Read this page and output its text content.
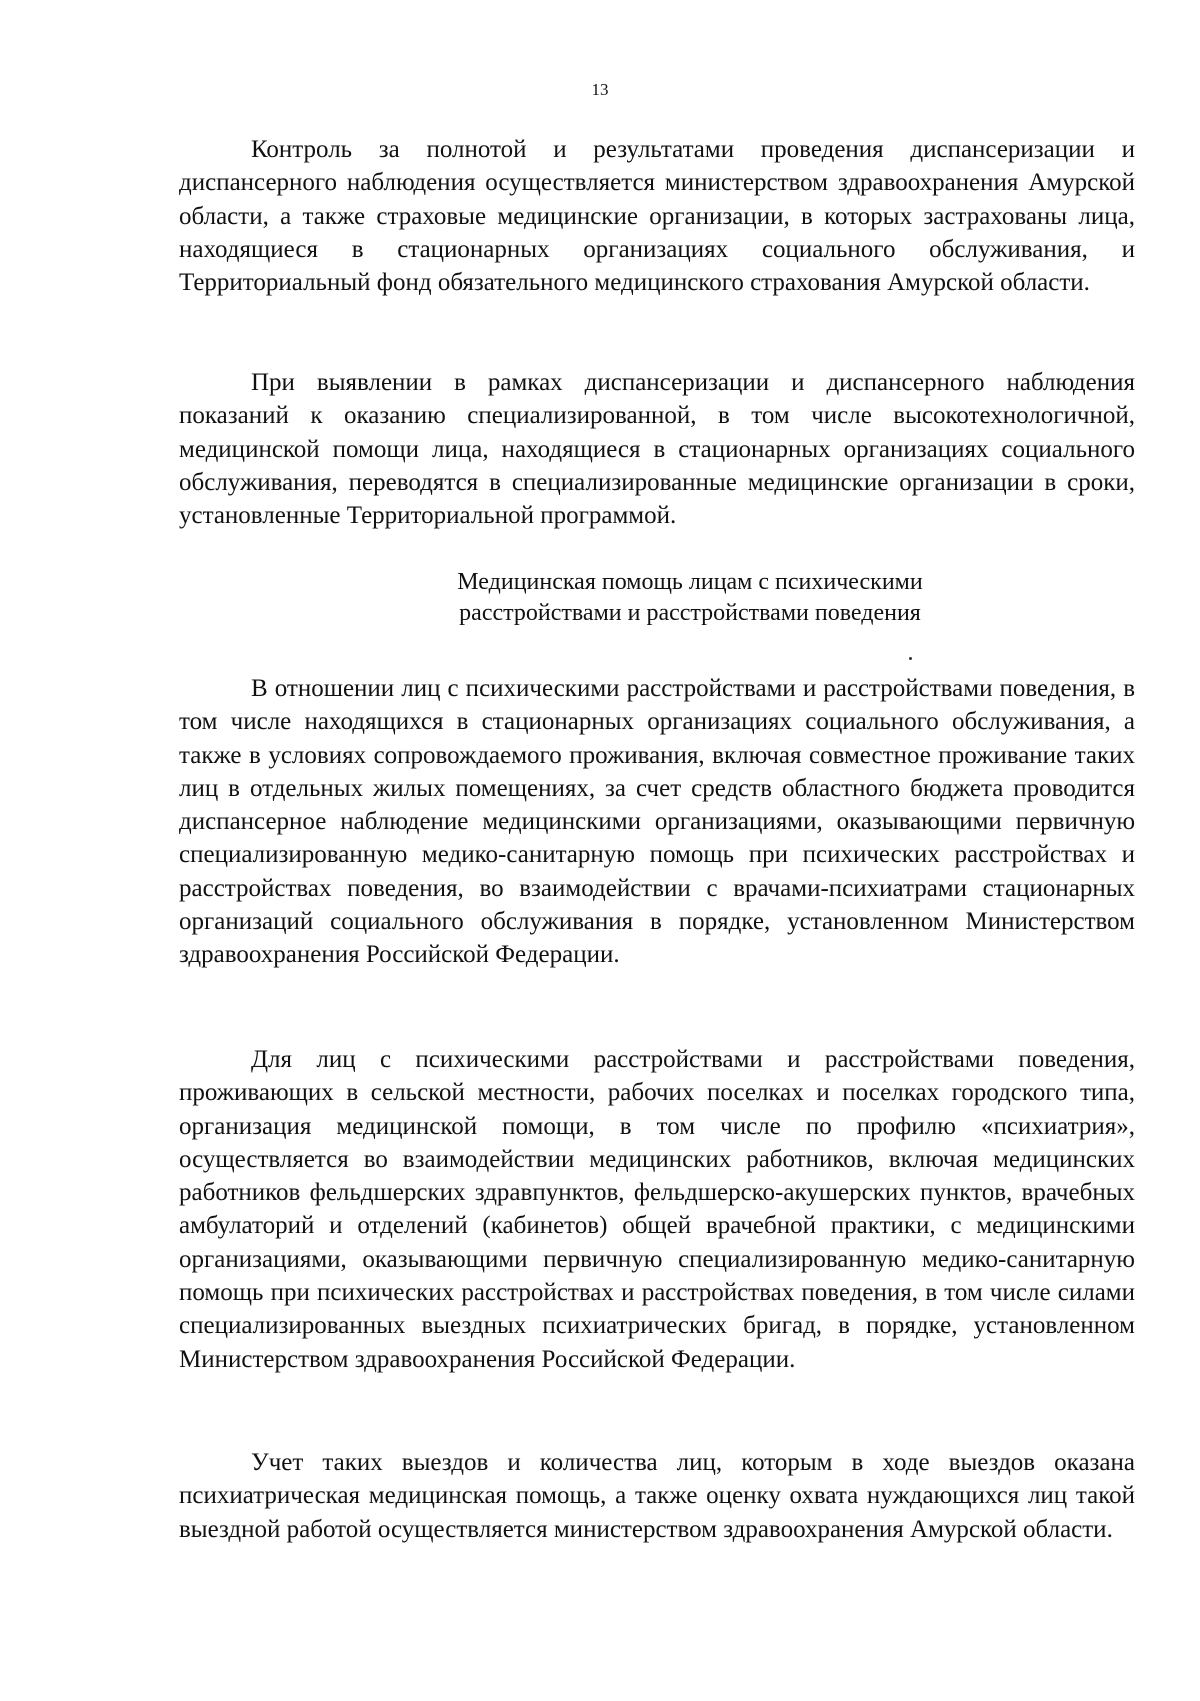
13

Контроль за полнотой и результатами проведения диспансеризации и диспансерного наблюдения осуществляется министерством здравоохранения Амурской области, а также страховые медицинские организации, в которых застрахованы лица, находящиеся в стационарных организациях социального обслуживания, и Территориальный фонд обязательного медицинского страхования Амурской области.

При выявлении в рамках диспансеризации и диспансерного наблюдения показаний к оказанию специализированной, в том числе высокотехнологичной, медицинской помощи лица, находящиеся в стационарных организациях социального обслуживания, переводятся в специализированные медицинские организации в сроки, установленные Территориальной программой.

Медицинская помощь лицам с психическими
расстройствами и расстройствами поведения

В отношении лиц с психическими расстройствами и расстройствами поведения, в том числе находящихся в стационарных организациях социального обслуживания, а также в условиях сопровождаемого проживания, включая совместное проживание таких лиц в отдельных жилых помещениях, за счет средств областного бюджета проводится диспансерное наблюдение медицинскими организациями, оказывающими первичную специализированную медико-санитарную помощь при психических расстройствах и расстройствах поведения, во взаимодействии с врачами-психиатрами стационарных организаций социального обслуживания в порядке, установленном Министерством здравоохранения Российской Федерации.

Для лиц с психическими расстройствами и расстройствами поведения, проживающих в сельской местности, рабочих поселках и поселках городского типа, организация медицинской помощи, в том числе по профилю «психиатрия», осуществляется во взаимодействии медицинских работников, включая медицинских работников фельдшерских здравпунктов, фельдшерско-акушерских пунктов, врачебных амбулаторий и отделений (кабинетов) общей врачебной практики, с медицинскими организациями, оказывающими первичную специализированную медико-санитарную помощь при психических расстройствах и расстройствах поведения, в том числе силами специализированных выездных психиатрических бригад, в порядке, установленном Министерством здравоохранения Российской Федерации.

Учет таких выездов и количества лиц, которым в ходе выездов оказана психиатрическая медицинская помощь, а также оценку охвата нуждающихся лиц такой выездной работой осуществляется министерством здравоохранения Амурской области.
